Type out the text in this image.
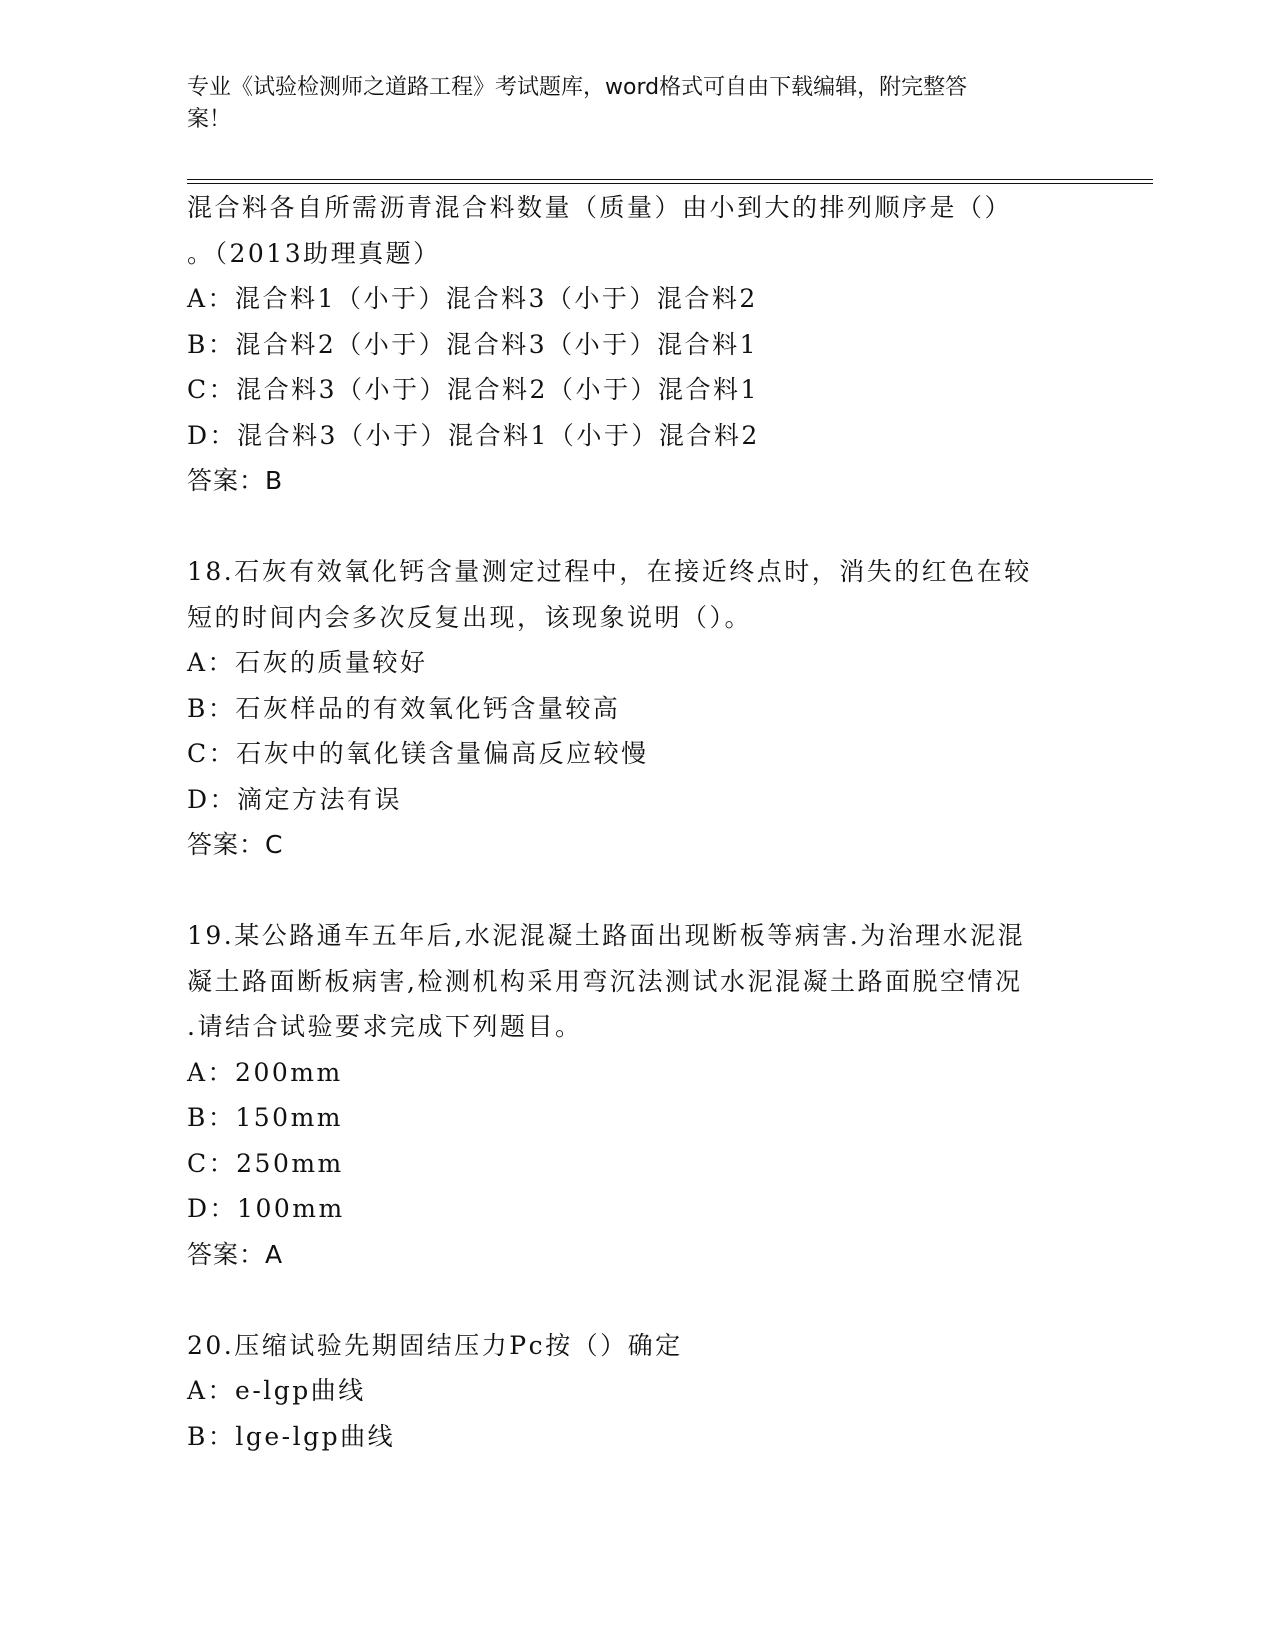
专业《试验检测师之道路工程》考试题库，word格式可自由下载编辑，附完整答
案！
混合料各自所需沥青混合料数量（质量）由小到大的排列顺序是（）
。（2013助理真题）
A：混合料1（小于）混合料3（小于）混合料2
B：混合料2（小于）混合料3（小于）混合料1
C：混合料3（小于）混合料2（小于）混合料1
D：混合料3（小于）混合料1（小于）混合料2
答案：B
18.石灰有效氧化钙含量测定过程中，在接近终点时，消失的红色在较
短的时间内会多次反复出现，该现象说明（）。
A：石灰的质量较好
B：石灰样品的有效氧化钙含量较高
C：石灰中的氧化镁含量偏高反应较慢
D：滴定方法有误
答案：C
19.某公路通车五年后,水泥混凝土路面出现断板等病害.为治理水泥混
凝土路面断板病害,检测机构采用弯沉法测试水泥混凝土路面脱空情况
.请结合试验要求完成下列题目。
A：200mm
B：150mm
C：250mm
D：100mm
答案：A
20.压缩试验先期固结压力Pc按（）确定
A：e-lgp曲线
B：lge-lgp曲线
